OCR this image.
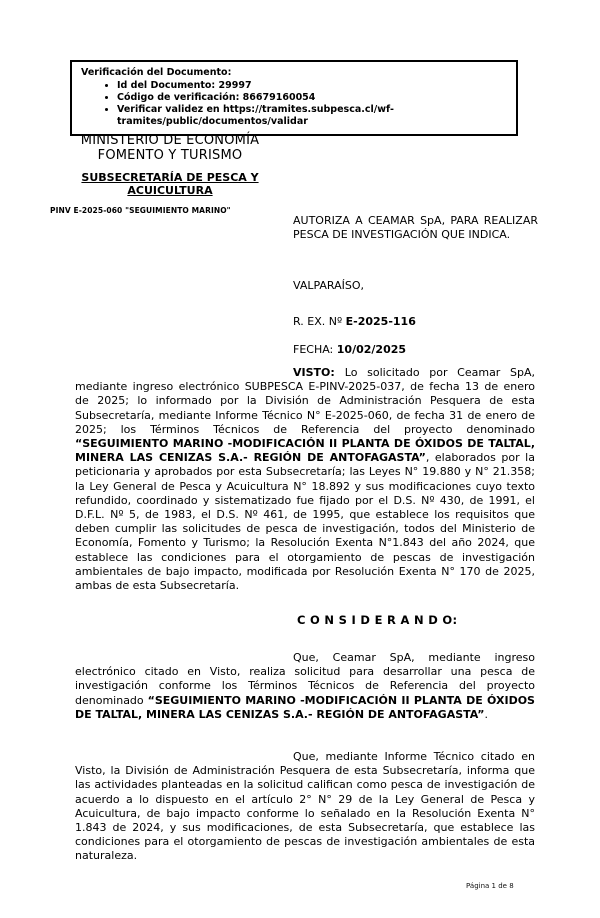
Verificación del Documento:
• Id del Documento: 29997
• Código de verificación: 86679160054
• Verificar validez en https://tramites.subpesca.cl/wf-tramites/public/documentos/validar
MINISTERIO DE ECONOMÍA
FOMENTO Y TURISMO
SUBSECRETARÍA DE PESCA Y
ACUICULTURA
PINV E-2025-060 "SEGUIMIENTO MARINO"
AUTORIZA A CEAMAR SpA, PARA REALIZAR PESCA DE INVESTIGACIÓN QUE INDICA.
VALPARAÍSO,
R. EX. Nº E-2025-116
FECHA: 10/02/2025

VISTO: Lo solicitado por Ceamar SpA, mediante ingreso electrónico SUBPESCA E-PINV-2025-037, de fecha 13 de enero de 2025; lo informado por la División de Administración Pesquera de esta Subsecretaría, mediante Informe Técnico N° E-2025-060, de fecha 31 de enero de 2025; los Términos Técnicos de Referencia del proyecto denominado “SEGUIMIENTO MARINO -MODIFICACIÓN II PLANTA DE ÓXIDOS DE TALTAL, MINERA LAS CENIZAS S.A.- REGIÓN DE ANTOFAGASTA”, elaborados por la peticionaria y aprobados por esta Subsecretaría; las Leyes N° 19.880 y N° 21.358; la Ley General de Pesca y Acuicultura N° 18.892 y sus modificaciones cuyo texto refundido, coordinado y sistematizado fue fijado por el D.S. Nº 430, de 1991, el D.F.L. Nº 5, de 1983, el D.S. Nº 461, de 1995, que establece los requisitos que deben cumplir las solicitudes de pesca de investigación, todos del Ministerio de Economía, Fomento y Turismo; la Resolución Exenta N°1.843 del año 2024, que establece las condiciones para el otorgamiento de pescas de investigación ambientales de bajo impacto, modificada por Resolución Exenta N° 170 de 2025, ambas de esta Subsecretaría.

C O N S I D E R A N D O:

Que, Ceamar SpA, mediante ingreso electrónico citado en Visto, realiza solicitud para desarrollar una pesca de investigación conforme los Términos Técnicos de Referencia del proyecto denominado “SEGUIMIENTO MARINO -MODIFICACIÓN II PLANTA DE ÓXIDOS DE TALTAL, MINERA LAS CENIZAS S.A.- REGIÓN DE ANTOFAGASTA”.

Que, mediante Informe Técnico citado en Visto, la División de Administración Pesquera de esta Subsecretaría, informa que las actividades planteadas en la solicitud califican como pesca de investigación de acuerdo a lo dispuesto en el artículo 2° N° 29 de la Ley General de Pesca y Acuicultura, de bajo impacto conforme lo señalado en la Resolución Exenta N° 1.843 de 2024, y sus modificaciones, de esta Subsecretaría, que establece las condiciones para el otorgamiento de pescas de investigación ambientales de esta naturaleza.

Página 1 de 8
